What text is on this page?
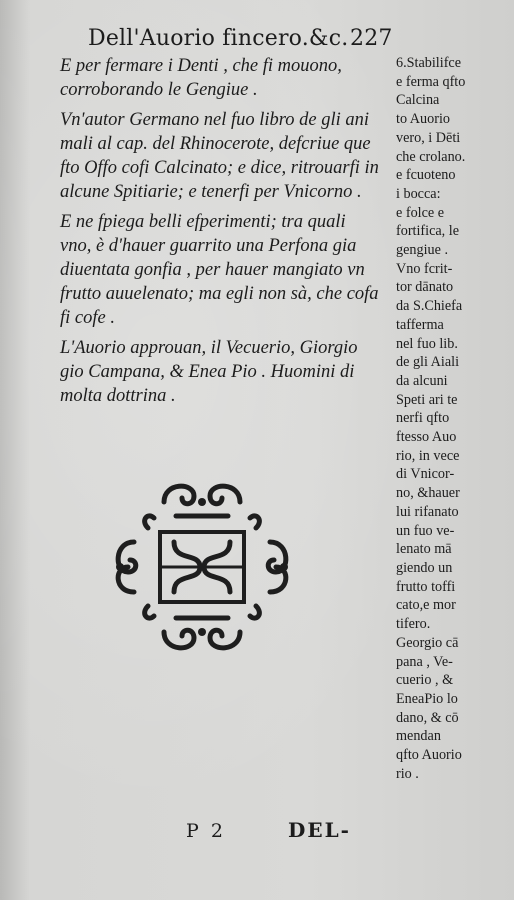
Dell'Auorio fincero.&c. 227

E per fermare i Denti , che fi mouono,
corroborando le Gengiue .

Vn'autor Germano nel fuo libro de gli ani
mali al cap. del Rhinocerote, defcriue que
fto Offo cofi Calcinato; e dice, ritrouarfi in
alcune Spitiarie; e tenerfi per Vnicorno .

E ne fpiega belli efperimenti; tra quali
vno, è d'hauer guarrito una Perfona gia
diuentata gonfia , per hauer mangiato vn
frutto auuelenato; ma egli non sà, che cofa
fi cofe .

L'Auorio approuan, il Vecuerio, Giorgio
gio Campana, & Enea Pio . Huomini di
molta dottrina .

6.Stabilifce
e ferma qfto
Calcina
to Auorio
vero, i Dēti
che crolano.
e fcuoteno
i bocca:
e folce e
fortifica, le
gengiue .
Vno fcrit-
tor dānato
da S.Chiefa
tafferma
nel fuo lib.
de gli Aiali
da alcuni
Speti ari te
nerfi qfto
ftesso Auo
rio, in vece
di Vnicor-
no, &hauer
lui rifanato
un fuo ve-
lenato mā
giendo un
frutto toffi
cato,e mor
tifero.
Georgio cā
pana , Ve-
cuerio , &
EneaPio lo
dano, & cō
mendan
qfto Auorio
rio .
P 2	DEL-
